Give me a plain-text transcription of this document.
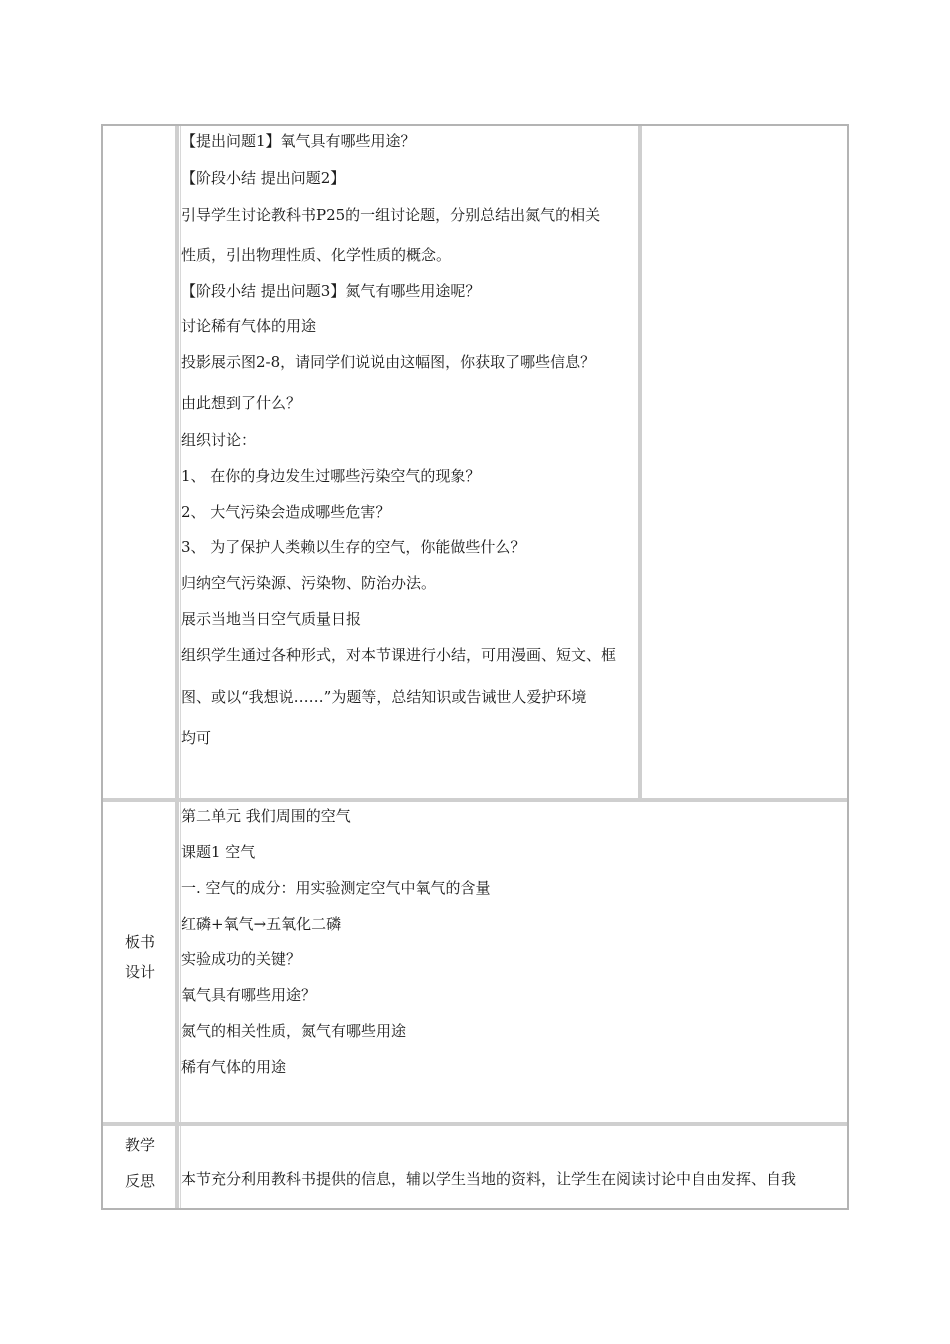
【提出问题1】氧气具有哪些用途？
【阶段小结 提出问题2】
引导学生讨论教科书P25的一组讨论题，分别总结出氮气的相关
性质，引出物理性质、化学性质的概念。
【阶段小结 提出问题3】氮气有哪些用途呢？
讨论稀有气体的用途
投影展示图2-8，请同学们说说由这幅图，你获取了哪些信息？
由此想到了什么？
组织讨论：
1、 在你的身边发生过哪些污染空气的现象？
2、 大气污染会造成哪些危害？
3、 为了保护人类赖以生存的空气，你能做些什么？
归纳空气污染源、污染物、防治办法。
展示当地当日空气质量日报
组织学生通过各种形式，对本节课进行小结，可用漫画、短文、框
图、或以“我想说……”为题等，总结知识或告诫世人爱护环境
均可
板书
设计
第二单元 我们周围的空气
课题1 空气
一. 空气的成分：用实验测定空气中氧气的含量
红磷+氧气→五氧化二磷
实验成功的关键？
氧气具有哪些用途？
氮气的相关性质，氮气有哪些用途
稀有气体的用途
教学
反思	本节充分利用教科书提供的信息，辅以学生当地的资料，让学生在阅读讨论中自由发挥、自我
